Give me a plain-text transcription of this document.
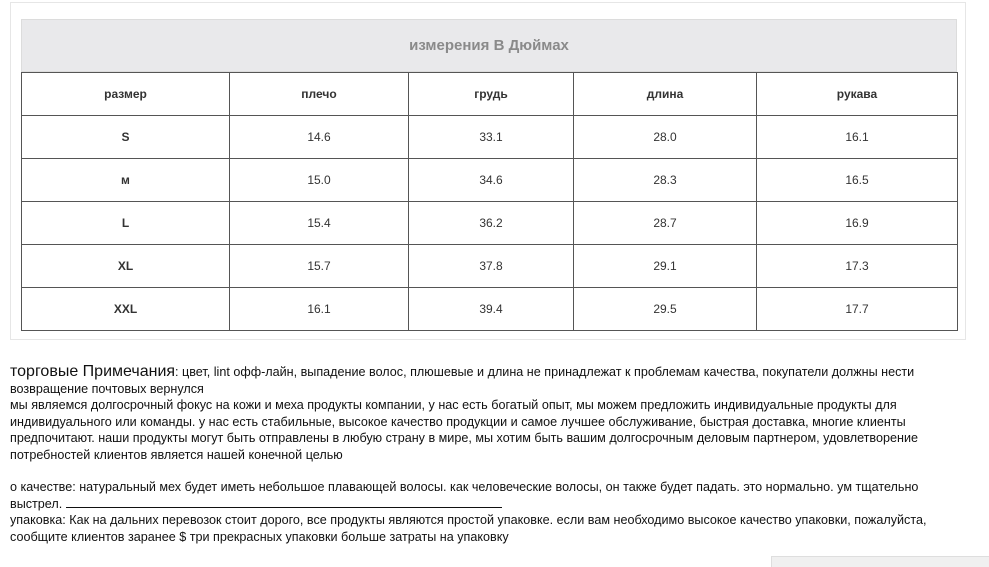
измерения В Дюймах
размер	плечо	грудь	длина	рукава
S	14.6	33.1	28.0	16.1
м	15.0	34.6	28.3	16.5
L	15.4	36.2	28.7	16.9
XL	15.7	37.8	29.1	17.3
XXL	16.1	39.4	29.5	17.7

торговые Примечания: цвет, lint офф-лайн, выпадение волос, плюшевые и длина не принадлежат к проблемам качества, покупатели должны нести возвращение почтовых вернулся

мы являемся долгосрочный фокус на кожи и меха продукты компании, у нас есть богатый опыт, мы можем предложить индивидуальные продукты для индивидуального или команды. у нас есть стабильные, высокое качество продукции и самое лучшее обслуживание, быстрая доставка, многие клиенты предпочитают. наши продукты могут быть отправлены в любую страну в мире, мы хотим быть вашим долгосрочным деловым партнером, удовлетворение потребностей клиентов является нашей конечной целью

о качестве: натуральный мех будет иметь небольшое плавающей волосы. как человеческие волосы, он также будет падать. это нормально. ум тщательно выстрел.

упаковка: Как на дальних перевозок стоит дорого, все продукты являются простой упаковке. если вам необходимо высокое качество упаковки, пожалуйста, сообщите клиентов заранее $ три прекрасных упаковки больше затраты на упаковку
